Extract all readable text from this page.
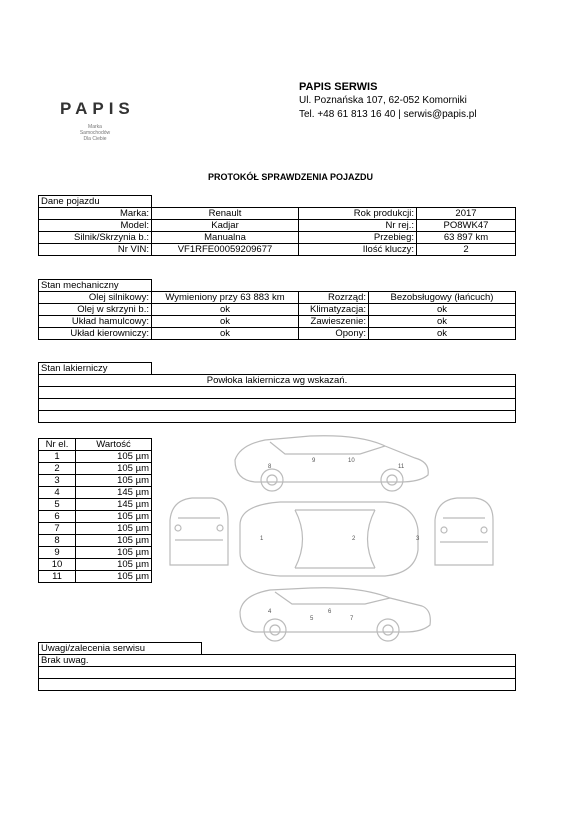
PAPIS
Marka
Samochodów
Dla Ciebie
PAPIS SERWIS
Ul. Poznańska 107, 62-052 Komorniki
Tel. +48 61 813 16 40 | serwis@papis.pl
PROTOKÓŁ SPRAWDZENIA POJAZDU
Dane pojazdu
Marka:	Renault	Rok produkcji:	2017
Model:	Kadjar	Nr rej.:	PO8WK47
Silnik/Skrzynia b.:	Manualna	Przebieg:	63 897 km
Nr VIN:	VF1RFE00059209677	Ilość kluczy:	2
Stan mechaniczny
Olej silnikowy:	Wymieniony przy 63 883 km	Rozrząd:	Bezobsługowy (łańcuch)
Olej w skrzyni b.:	ok	Klimatyzacja:	ok
Układ hamulcowy:	ok	Zawieszenie:	ok
Układ kierowniczy:	ok	Opony:	ok
Stan lakierniczy
Powłoka lakiernicza wg wskazań.

Nr el.	Wartość
1	105 µm
2	105 µm
3	105 µm
4	145 µm
5	145 µm
6	105 µm
7	105 µm
8	105 µm
9	105 µm
10	105 µm
11	105 µm
1	2	3
4
5
6
7
8
9	10
11
Uwagi/zalecenia serwisu
Brak uwag.
